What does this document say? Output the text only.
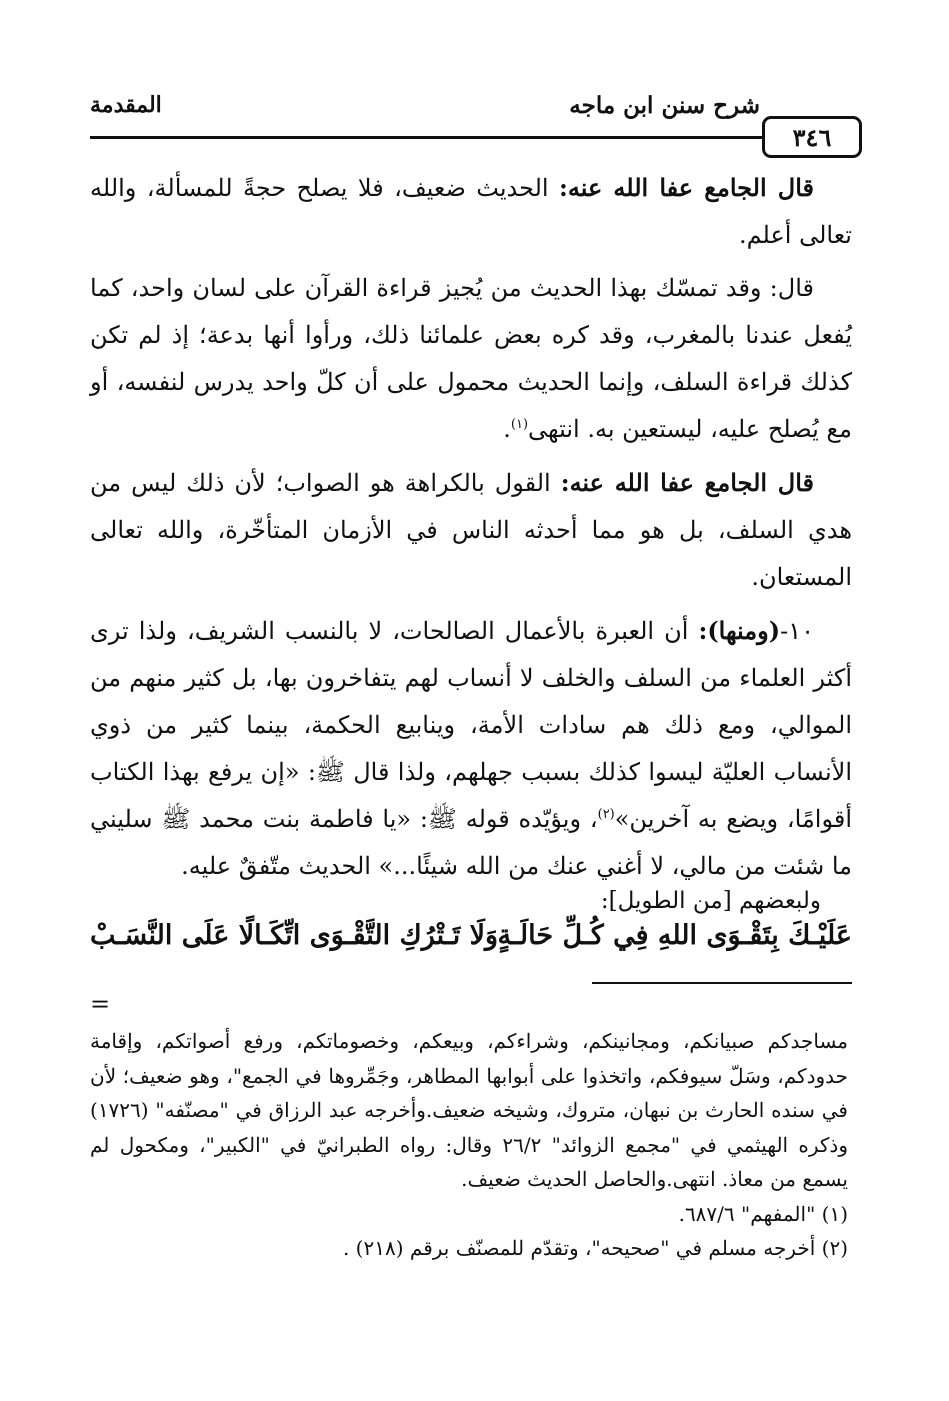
المقدمة	شرح سنن ابن ماجه
٣٤٦

قال الجامع عفا الله عنه: الحديث ضعيف، فلا يصلح حجةً للمسألة، والله تعالى أعلم.

قال: وقد تمسّك بهذا الحديث من يُجيز قراءة القرآن على لسان واحد، كما يُفعل عندنا بالمغرب، وقد كره بعض علمائنا ذلك، ورأوا أنها بدعة؛ إذ لم تكن كذلك قراءة السلف، وإنما الحديث محمول على أن كلّ واحد يدرس لنفسه، أو مع يُصلح عليه، ليستعين به. انتهى$^{(١)}$.

قال الجامع عفا الله عنه: القول بالكراهة هو الصواب؛ لأن ذلك ليس من هدي السلف، بل هو مما أحدثه الناس في الأزمان المتأخّرة، والله تعالى المستعان.

١٠-(ومنها): أن العبرة بالأعمال الصالحات، لا بالنسب الشريف، ولذا ترى أكثر العلماء من السلف والخلف لا أنساب لهم يتفاخرون بها، بل كثير منهم من الموالي، ومع ذلك هم سادات الأمة، وينابيع الحكمة، بينما كثير من ذوي الأنساب العليّة ليسوا كذلك بسبب جهلهم، ولذا قال ﷺ: «إن يرفع بهذا الكتاب أقوامًا، ويضع به آخرين»$^{(٢)}$، ويؤيّده قوله ﷺ: «يا فاطمة بنت محمد ﷺ سليني ما شئت من مالي، لا أغني عنك من الله شيئًا...» الحديث متّفقٌ عليه.

ولبعضهم [من الطويل]:
عَلَيْـكَ بِتَقْـوَى اللهِ فِي كُـلِّ حَالَـةٍ
وَلَا تَـتْرُكِ التَّقْـوَى اتِّكَـالًا عَلَى النَّسَـبْ
=

مساجدكم صبيانكم، ومجانينكم، وشراءكم، وبيعكم، وخصوماتكم، ورفع أصواتكم، وإقامة حدودكم، وسَلّ سيوفكم، واتخذوا على أبوابها المطاهر، وجَمِّروها في الجمع"، وهو ضعيف؛ لأن في سنده الحارث بن نبهان، متروك، وشيخه ضعيف.وأخرجه عبد الرزاق في "مصنّفه" (١٧٢٦) وذكره الهيثمي في "مجمع الزوائد" ٢٦/٢ وقال: رواه الطبرانيّ في "الكبير"، ومكحول لم يسمع من معاذ. انتهى.والحاصل الحديث ضعيف.

(١) "المفهم" ٦٨٧/٦.

(٢) أخرجه مسلم في "صحيحه"، وتقدّم للمصنّف برقم (٢١٨) .
